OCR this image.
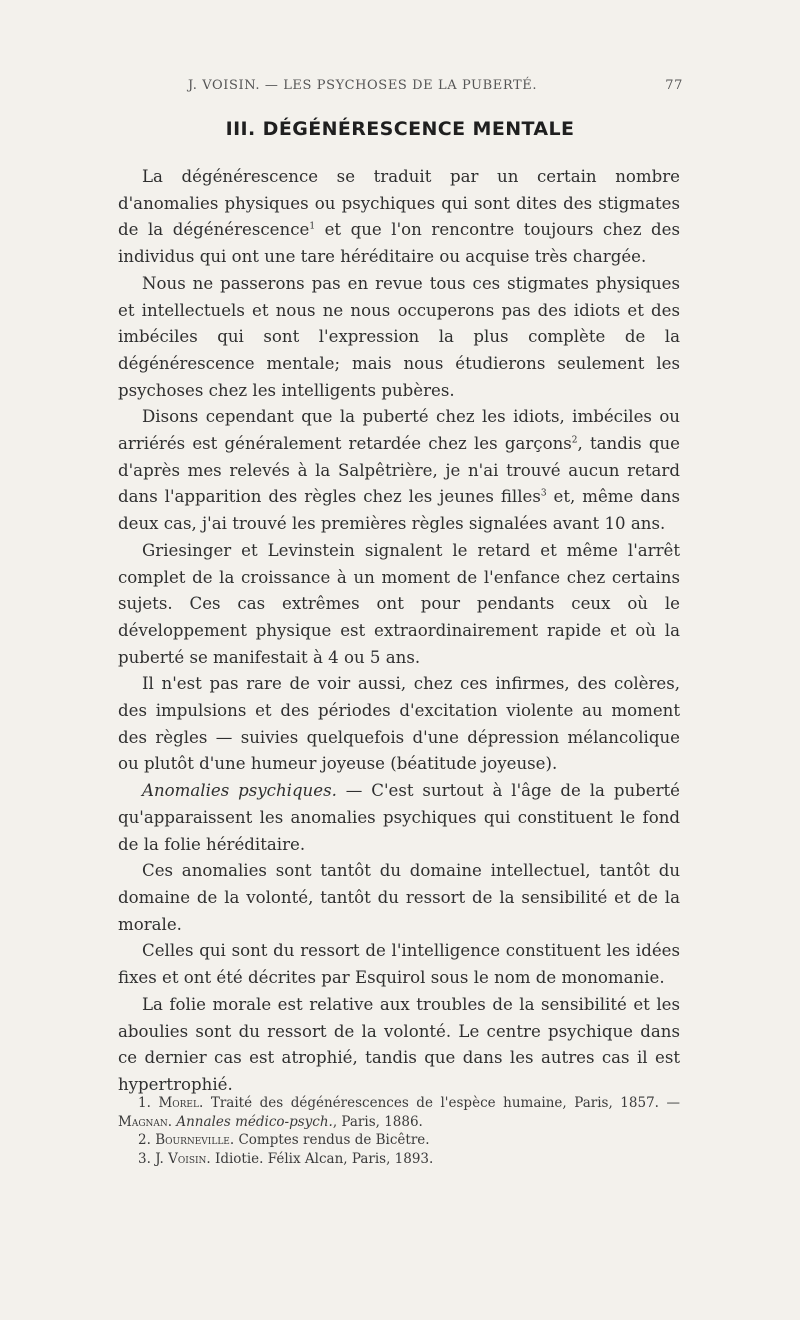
J. VOISIN. — LES PSYCHOSES DE LA PUBERTÉ.	77
III. DÉGÉNÉRESCENCE MENTALE

La dégénérescence se traduit par un certain nombre d'anomalies physiques ou psychiques qui sont dites des stigmates de la dégénérescence$^1$ et que l'on rencontre toujours chez des individus qui ont une tare héréditaire ou acquise très chargée.

Nous ne passerons pas en revue tous ces stigmates physiques et intellectuels et nous ne nous occuperons pas des idiots et des imbéciles qui sont l'expression la plus complète de la dégénérescence mentale; mais nous étudierons seulement les psychoses chez les intelligents pubères.

Disons cependant que la puberté chez les idiots, imbéciles ou arriérés est généralement retardée chez les garçons$^2$, tandis que d'après mes relevés à la Salpêtrière, je n'ai trouvé aucun retard dans l'apparition des règles chez les jeunes filles$^3$ et, même dans deux cas, j'ai trouvé les premières règles signalées avant 10 ans.

Griesinger et Levinstein signalent le retard et même l'arrêt complet de la croissance à un moment de l'enfance chez certains sujets. Ces cas extrêmes ont pour pendants ceux où le développement physique est extraordinairement rapide et où la puberté se manifestait à 4 ou 5 ans.

Il n'est pas rare de voir aussi, chez ces infirmes, des colères, des impulsions et des périodes d'excitation violente au moment des règles — suivies quelquefois d'une dépression mélancolique ou plutôt d'une humeur joyeuse (béatitude joyeuse).

Anomalies psychiques. — C'est surtout à l'âge de la puberté qu'apparaissent les anomalies psychiques qui constituent le fond de la folie héréditaire.

Ces anomalies sont tantôt du domaine intellectuel, tantôt du domaine de la volonté, tantôt du ressort de la sensibilité et de la morale.

Celles qui sont du ressort de l'intelligence constituent les idées fixes et ont été décrites par Esquirol sous le nom de monomanie.

La folie morale est relative aux troubles de la sensibilité et les aboulies sont du ressort de la volonté. Le centre psychique dans ce dernier cas est atrophié, tandis que dans les autres cas il est hypertrophié.

1. Morel. Traité des dégénérescences de l'espèce humaine, Paris, 1857. — Magnan. Annales médico-psych., Paris, 1886.

2. Bourneville. Comptes rendus de Bicêtre.

3. J. Voisin. Idiotie. Félix Alcan, Paris, 1893.
